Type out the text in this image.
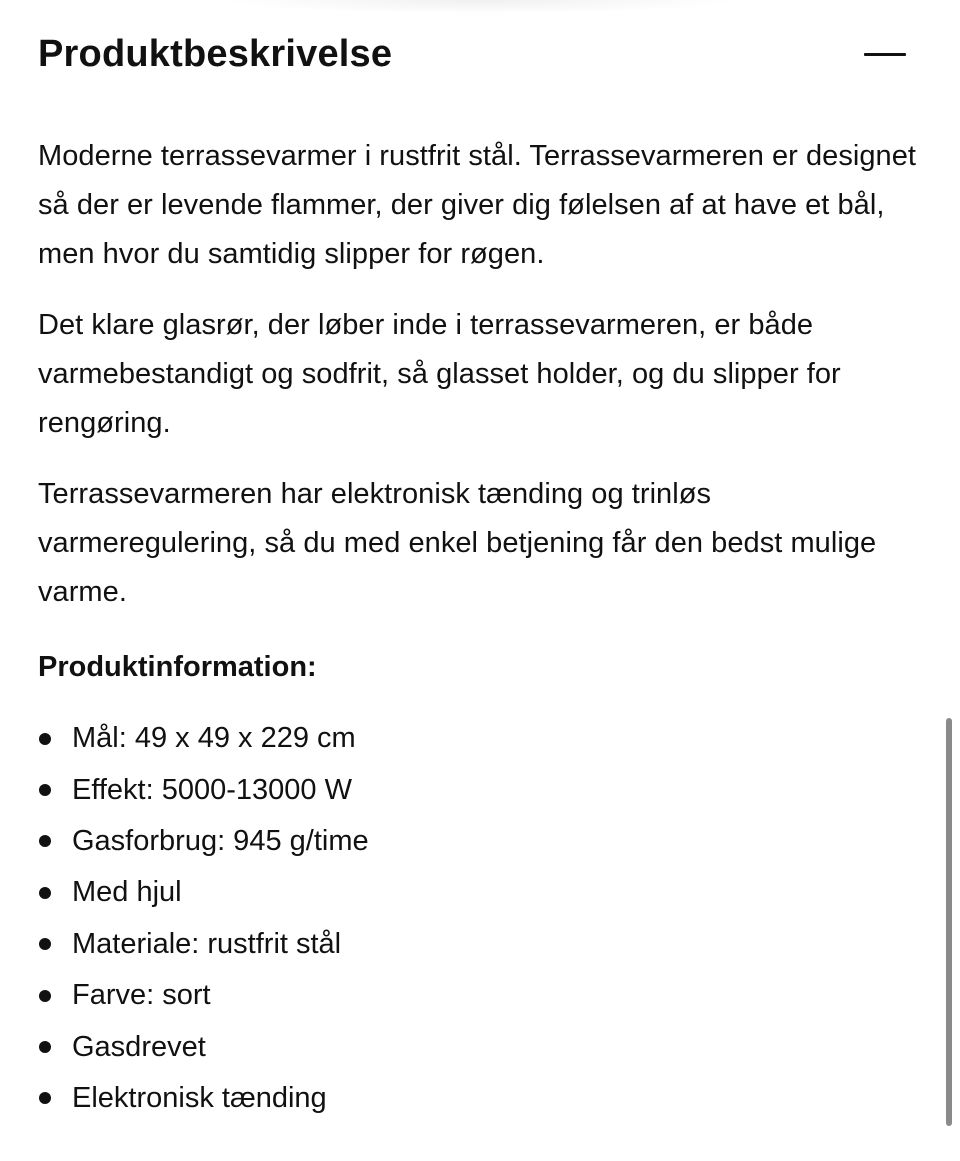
Produktbeskrivelse

Moderne terrassevarmer i rustfrit stål. Terrassevarmeren er designet så der er levende flammer, der giver dig følelsen af at have et bål, men hvor du samtidig slipper for røgen.

Det klare glasrør, der løber inde i terrassevarmeren, er både varmebestandigt og sodfrit, så glasset holder, og du slipper for rengøring.

Terrassevarmeren har elektronisk tænding og trinløs varmeregulering, så du med enkel betjening får den bedst mulige varme.

Produktinformation:
Mål: 49 x 49 x 229 cm
Effekt: 5000-13000 W
Gasforbrug: 945 g/time
Med hjul
Materiale: rustfrit stål
Farve: sort
Gasdrevet
Elektronisk tænding
